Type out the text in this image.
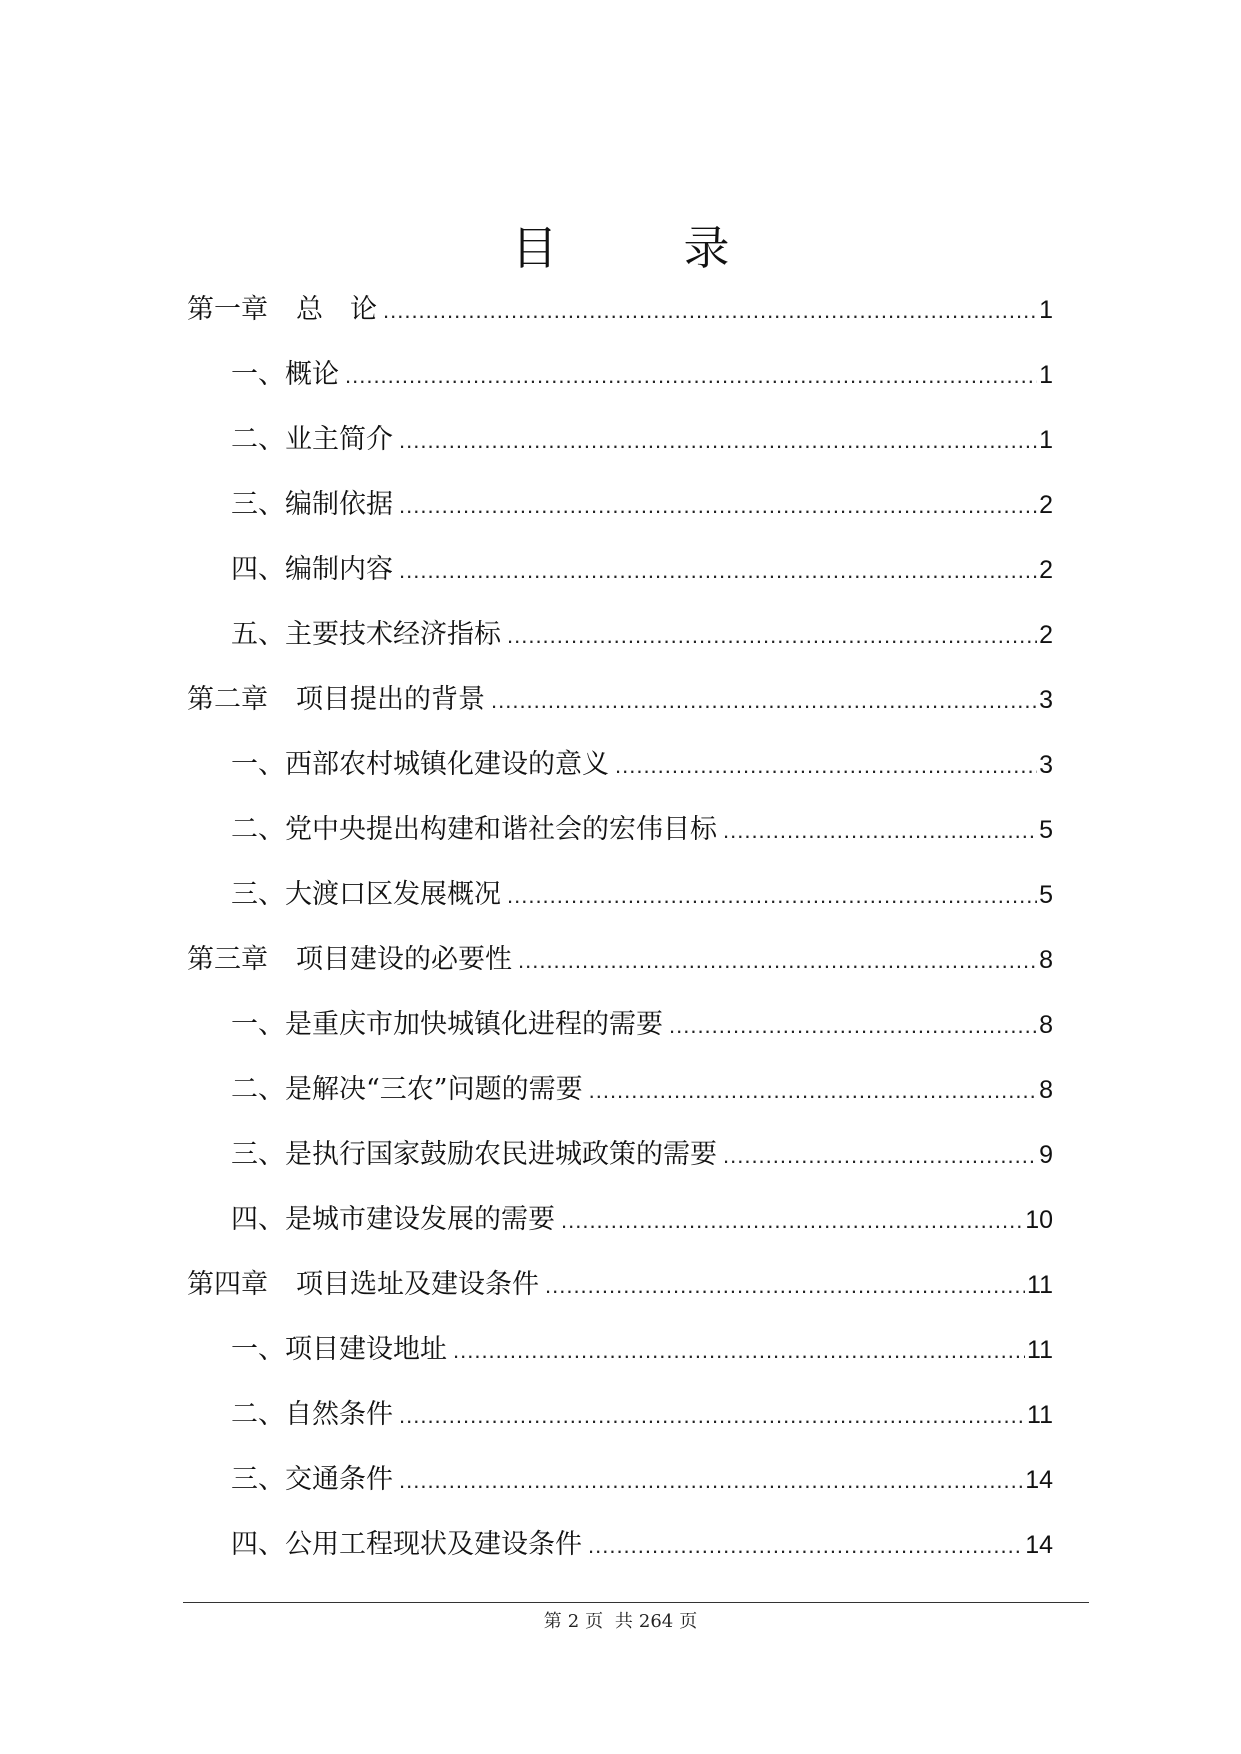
目　录
第一章 总　论 .....	1
一、概论 .....	1
二、业主简介 .....	1
三、编制依据 .....	2
四、编制内容 .....	2
五、主要技术经济指标 .....	2
第二章 项目提出的背景 .....	3
一、西部农村城镇化建设的意义 .....	3
二、党中央提出构建和谐社会的宏伟目标 .....	5
三、大渡口区发展概况 .....	5
第三章 项目建设的必要性 .....	8
一、是重庆市加快城镇化进程的需要 .....	8
二、是解决“三农”问题的需要 .....	8
三、是执行国家鼓励农民进城政策的需要 .....	9
四、是城市建设发展的需要 .....	10
第四章 项目选址及建设条件 .....	11
一、项目建设地址 .....	11
二、自然条件 .....	11
三、交通条件 .....	14
四、公用工程现状及建设条件 .....	14
第 2 页 共 264 页
